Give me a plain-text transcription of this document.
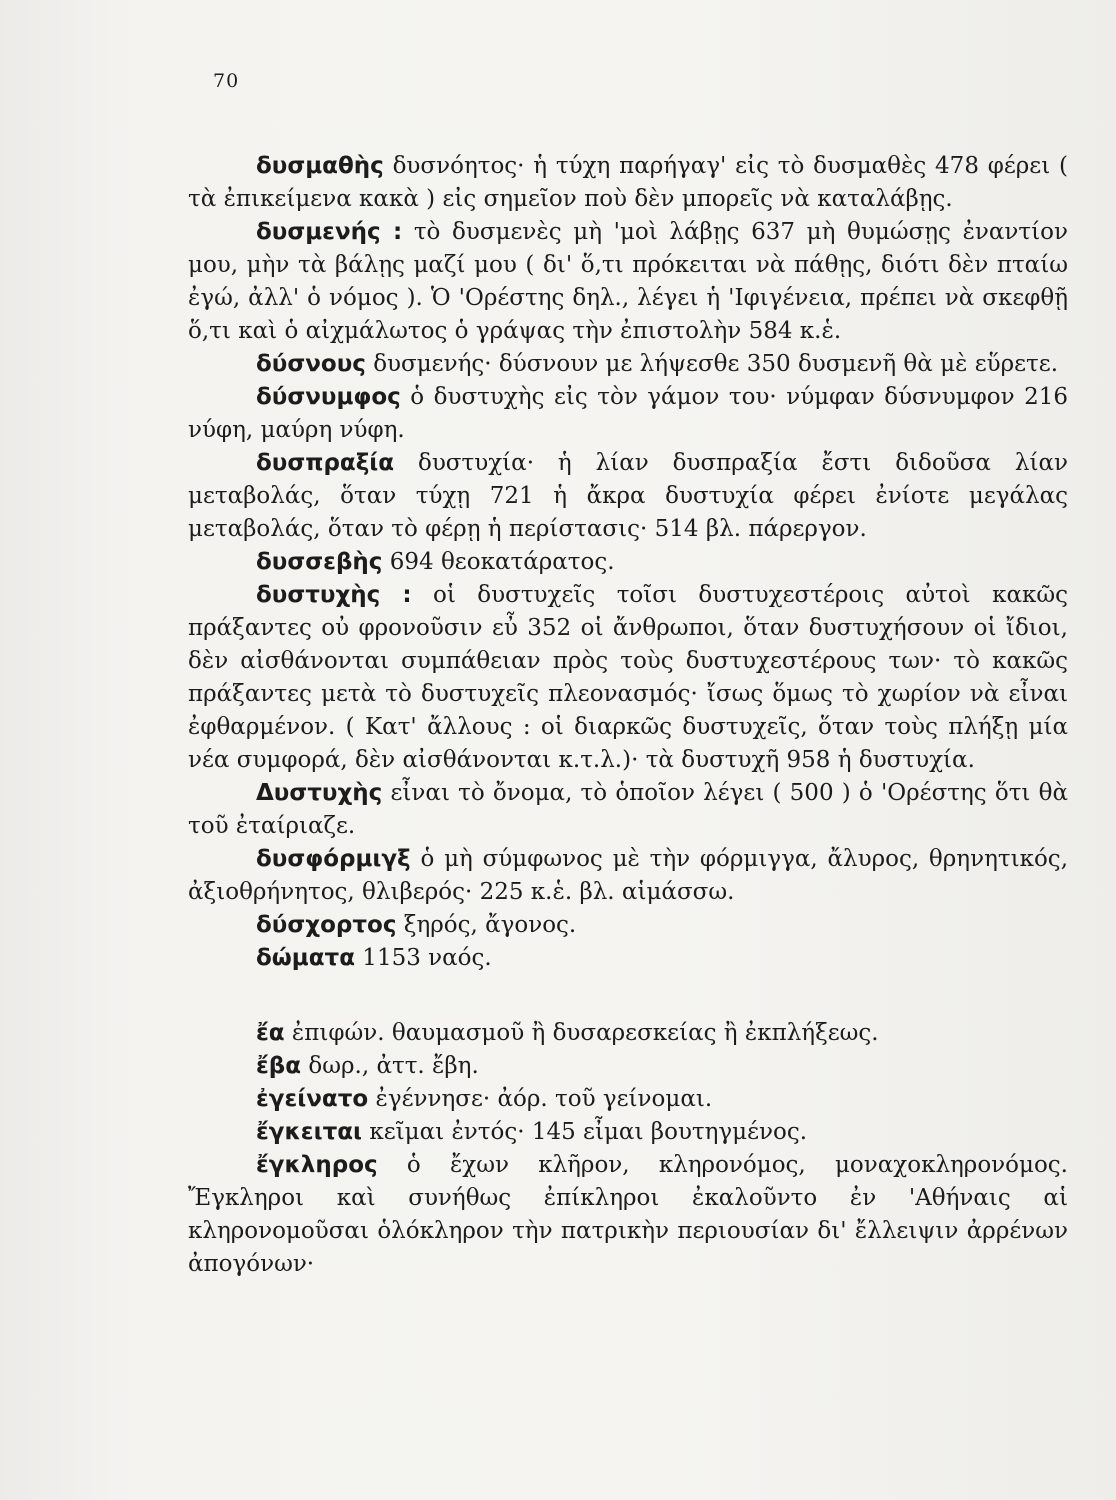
70

δυσμαθὴς δυσνόητος· ἡ τύχη παρήγαγ' εἰς τὸ δυσμαθὲς 478 φέρει ( τὰ ἐπικείμενα κακὰ ) εἰς σημεῖον ποὺ δὲν μπορεῖς νὰ καταλάβῃς.

δυσμενής : τὸ δυσμενὲς μὴ 'μοὶ λάβῃς 637 μὴ θυμώσῃς ἐναντίον μου, μὴν τὰ βάλῃς μαζί μου ( δι' ὅ,τι πρόκειται νὰ πάθῃς, διότι δὲν πταίω ἐγώ, ἀλλ' ὁ νόμος ). Ὁ 'Ορέστης δηλ., λέγει ἡ 'Ιφιγένεια, πρέπει νὰ σκεφθῇ ὅ,τι καὶ ὁ αἰχμάλωτος ὁ γράψας τὴν ἐπιστολὴν 584 κ.ἑ.

δύσνους δυσμενής· δύσνουν με λήψεσθε 350 δυσμενῆ θὰ μὲ εὕρετε.

δύσνυμφος ὁ δυστυχὴς εἰς τὸν γάμον του· νύμφαν δύσνυμφον 216 νύφη, μαύρη νύφη.

δυσπραξία δυστυχία· ἡ λίαν δυσπραξία ἔστι διδοῦσα λίαν μεταβολάς, ὅταν τύχῃ 721 ἡ ἄκρα δυστυχία φέρει ἐνίοτε μεγάλας μεταβολάς, ὅταν τὸ φέρῃ ἡ περίστασις· 514 βλ. πάρεργον.

δυσσεβὴς 694 θεοκατάρατος.

δυστυχὴς : οἱ δυστυχεῖς τοῖσι δυστυχεστέροις αὐτοὶ κακῶς πράξαντες οὐ φρονοῦσιν εὖ 352 οἱ ἄνθρωποι, ὅταν δυστυχήσουν οἱ ἴδιοι, δὲν αἰσθάνονται συμπάθειαν πρὸς τοὺς δυστυχεστέρους των· τὸ κακῶς πράξαντες μετὰ τὸ δυστυχεῖς πλεονασμός· ἴσως ὅμως τὸ χωρίον νὰ εἶναι ἐφθαρμένον. ( Κατ' ἄλλους : οἱ διαρκῶς δυστυχεῖς, ὅταν τοὺς πλήξῃ μία νέα συμφορά, δὲν αἰσθάνονται κ.τ.λ.)· τὰ δυστυχῆ 958 ἡ δυστυχία.

Δυστυχὴς εἶναι τὸ ὄνομα, τὸ ὁποῖον λέγει ( 500 ) ὁ 'Ορέστης ὅτι θὰ τοῦ ἐταίριαζε.

δυσφόρμιγξ ὁ μὴ σύμφωνος μὲ τὴν φόρμιγγα, ἄλυρος, θρηνητικός, ἀξιοθρήνητος, θλιβερός· 225 κ.ἑ. βλ. αἱμάσσω.

δύσχορτος ξηρός, ἄγονος.

δώματα 1153 ναός.

ἔα ἐπιφών. θαυμασμοῦ ἢ δυσαρεσκείας ἢ ἐκπλήξεως.

ἔβα δωρ., ἀττ. ἔβη.

ἐγείνατο ἐγέννησε· ἀόρ. τοῦ γείνομαι.

ἔγκειται κεῖμαι ἐντός· 145 εἶμαι βουτηγμένος.

ἔγκληρος ὁ ἔχων κλῆρον, κληρονόμος, μοναχοκληρονόμος. Ἔγκληροι καὶ συνήθως ἐπίκληροι ἐκαλοῦντο ἐν 'Αθήναις αἱ κληρονομοῦσαι ὁλόκληρον τὴν πατρικὴν περιουσίαν δι' ἔλλειψιν ἀρρένων ἀπογόνων·
